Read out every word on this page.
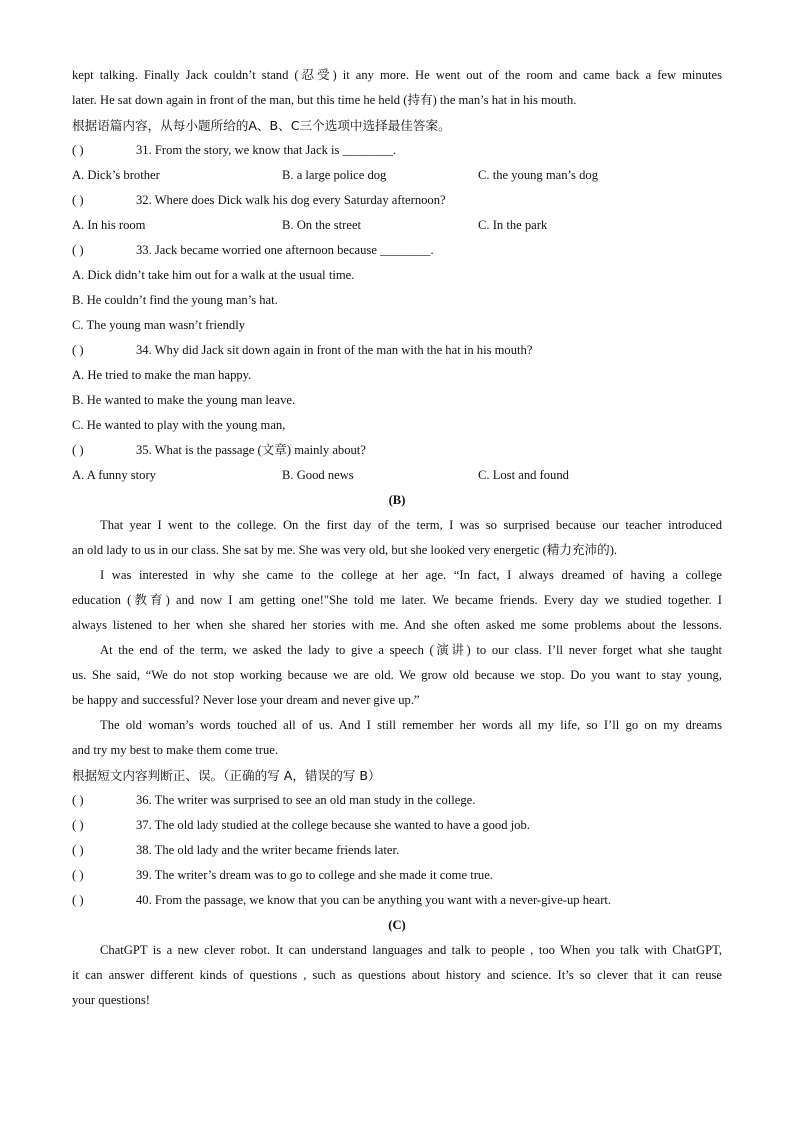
kept talking. Finally Jack couldn’t stand (忍受) it any more. He went out of the room and came back a few minutes
later. He sat down again in front of the man, but this time he held (持有) the man’s hat in his mouth.
根据语篇内容，从每小题所给的A、B、C三个选项中选择最佳答案。
( )	31. From the story, we know that Jack is ________.
A. Dick’s brother	B. a large police dog	C. the young man’s dog
( )	32. Where does Dick walk his dog every Saturday afternoon?
A. In his room	B. On the street	C. In the park
( )	33. Jack became worried one afternoon because ________.
A. Dick didn’t take him out for a walk at the usual time.
B. He couldn’t find the young man’s hat.
C. The young man wasn’t friendly
( )	34. Why did Jack sit down again in front of the man with the hat in his mouth?
A. He tried to make the man happy.
B. He wanted to make the young man leave.
C. He wanted to play with the young man,
( )	35. What is the passage (文章) mainly about?
A. A funny story	B. Good news	C. Lost and found
(B)
That year I went to the college. On the first day of the term, I was so surprised because our teacher introduced
an old lady to us in our class. She sat by me. She was very old, but she looked very energetic (精力充沛的).
I was interested in why she came to the college at her age. “In fact, I always dreamed of having a college
education (教育) and now I am getting one!"She told me later. We became friends. Every day we studied together. I
always listened to her when she shared her stories with me. And she often asked me some problems about the lessons.
At the end of the term, we asked the lady to give a speech (演讲) to our class. I’ll never forget what she taught
us. She said, “We do not stop working because we are old. We grow old because we stop. Do you want to stay young,
be happy and successful? Never lose your dream and never give up.”
The old woman’s words touched all of us. And I still remember her words all my life, so I’ll go on my dreams
and try my best to make them come true.
根据短文内容判断正、误。（正确的写 A，错误的写 B）
( )	36. The writer was surprised to see an old man study in the college.
( )	37. The old lady studied at the college because she wanted to have a good job.
( )	38. The old lady and the writer became friends later.
( )	39. The writer’s dream was to go to college and she made it come true.
( )	40. From the passage, we know that you can be anything you want with a never-give-up heart.
(C)
ChatGPT is a new clever robot. It can understand languages and talk to people , too When you talk with ChatGPT,
it can answer different kinds of questions , such as questions about history and science. It’s so clever that it can reuse
your questions!
